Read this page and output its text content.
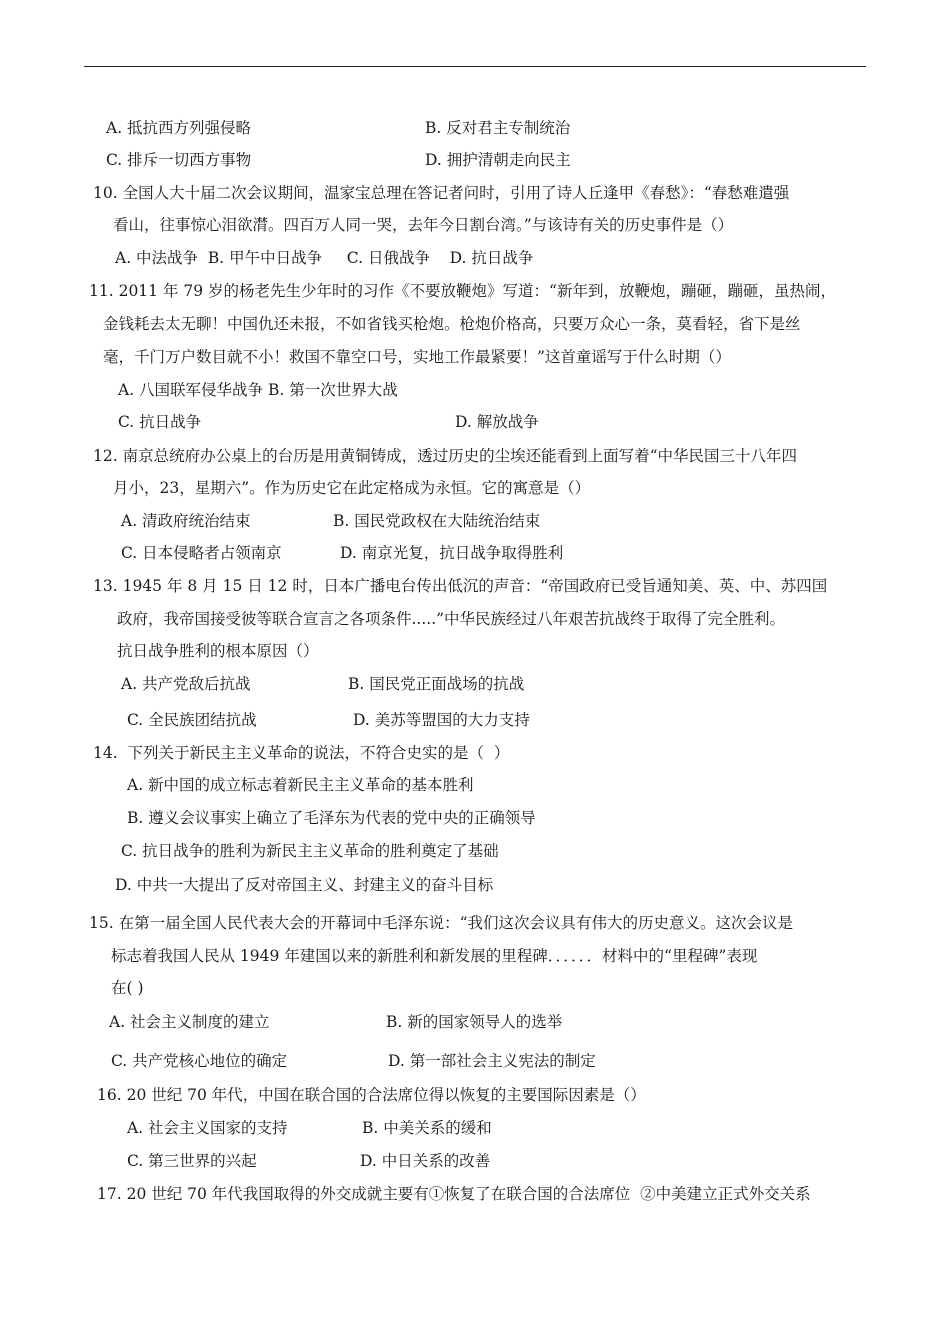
A. 抵抗西方列强侵略	B. 反对君主专制统治
C. 排斥一切西方事物	D. 拥护清朝走向民主
10. 全国人大十届二次会议期间，温家宝总理在答记者问时，引用了诗人丘逢甲《春愁》：“春愁难遣强
看山，往事惊心泪欲潸。四百万人同一哭，去年今日割台湾。”与该诗有关的历史事件是（）
A. 中法战争  B. 甲午中日战争     C. 日俄战争    D. 抗日战争
11. 2011 年 79 岁的杨老先生少年时的习作《不要放鞭炮》写道：“新年到，放鞭炮，蹦砸，蹦砸，虽热闹，
金钱耗去太无聊！中国仇还未报，不如省钱买枪炮。枪炮价格高，只要万众心一条，莫看轻，省下是丝
毫，千门万户数目就不小！救国不靠空口号，实地工作最紧要！”这首童谣写于什么时期（）
A. 八国联军侵华战争 B. 第一次世界大战
C. 抗日战争	D. 解放战争
12. 南京总统府办公桌上的台历是用黄铜铸成，透过历史的尘埃还能看到上面写着“中华民国三十八年四
月小，23，星期六”。作为历史它在此定格成为永恒。它的寓意是（）
A. 清政府统治结束	B. 国民党政权在大陆统治结束
C. 日本侵略者占领南京	D. 南京光复，抗日战争取得胜利
13. 1945 年 8 月 15 日 12 时，日本广播电台传出低沉的声音：“帝国政府已受旨通知美、英、中、苏四国
政府，我帝国接受彼等联合宣言之各项条件.....”中华民族经过八年艰苦抗战终于取得了完全胜利。
抗日战争胜利的根本原因（）
A. 共产党敌后抗战	B. 国民党正面战场的抗战
C. 全民族团结抗战	D. 美苏等盟国的大力支持
14.  下列关于新民主主义革命的说法，不符合史实的是（  ）
A. 新中国的成立标志着新民主主义革命的基本胜利
B. 遵义会议事实上确立了毛泽东为代表的党中央的正确领导
C. 抗日战争的胜利为新民主主义革命的胜利奠定了基础
D. 中共一大提出了反对帝国主义、封建主义的奋斗目标
15. 在第一届全国人民代表大会的开幕词中毛泽东说：“我们这次会议具有伟大的历史意义。这次会议是
标志着我国人民从 1949 年建国以来的新胜利和新发展的里程碑．．．．．．材料中的“里程碑”表现
在( )
A. 社会主义制度的建立	B. 新的国家领导人的选举
C. 共产党核心地位的确定	D. 第一部社会主义宪法的制定
16. 20 世纪 70 年代，中国在联合国的合法席位得以恢复的主要国际因素是（）
A. 社会主义国家的支持	B. 中美关系的缓和
C. 第三世界的兴起	D. 中日关系的改善
17. 20 世纪 70 年代我国取得的外交成就主要有①恢复了在联合国的合法席位  ②中美建立正式外交关系
